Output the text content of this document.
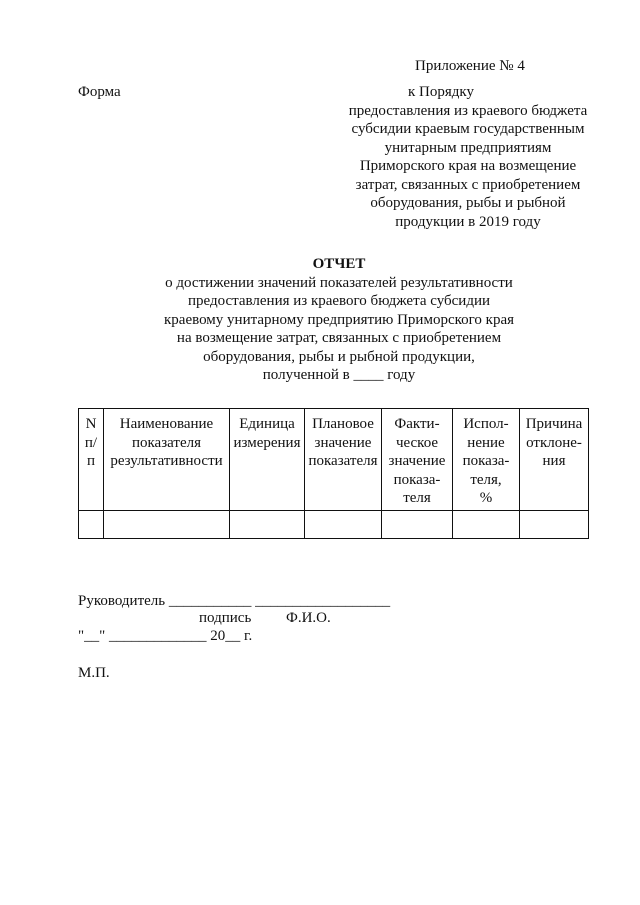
Приложение № 4
Форма	к Порядку
предоставления из краевого бюджета
субсидии краевым государственным
унитарным предприятиям
Приморского края на возмещение
затрат, связанных с приобретением
оборудования, рыбы и рыбной
продукции в 2019 году
ОТЧЕТ
о достижении значений показателей результативности
предоставления из краевого бюджета субсидии
краевому унитарному предприятию Приморского края
на возмещение затрат, связанных с приобретением
оборудования, рыбы и рыбной продукции,
полученной в ____ году
N
п/
п	Наименование
показателя
результативности	Единица
измерения	Плановое
значение
показателя	Факти-
ческое
значение
показа-
теля	Испол-
нение
показа-
теля,
%	Причина
отклоне-
ния

Руководитель ___________ __________________
подпись Ф.И.О.
"__" _____________ 20__ г.
М.П.
